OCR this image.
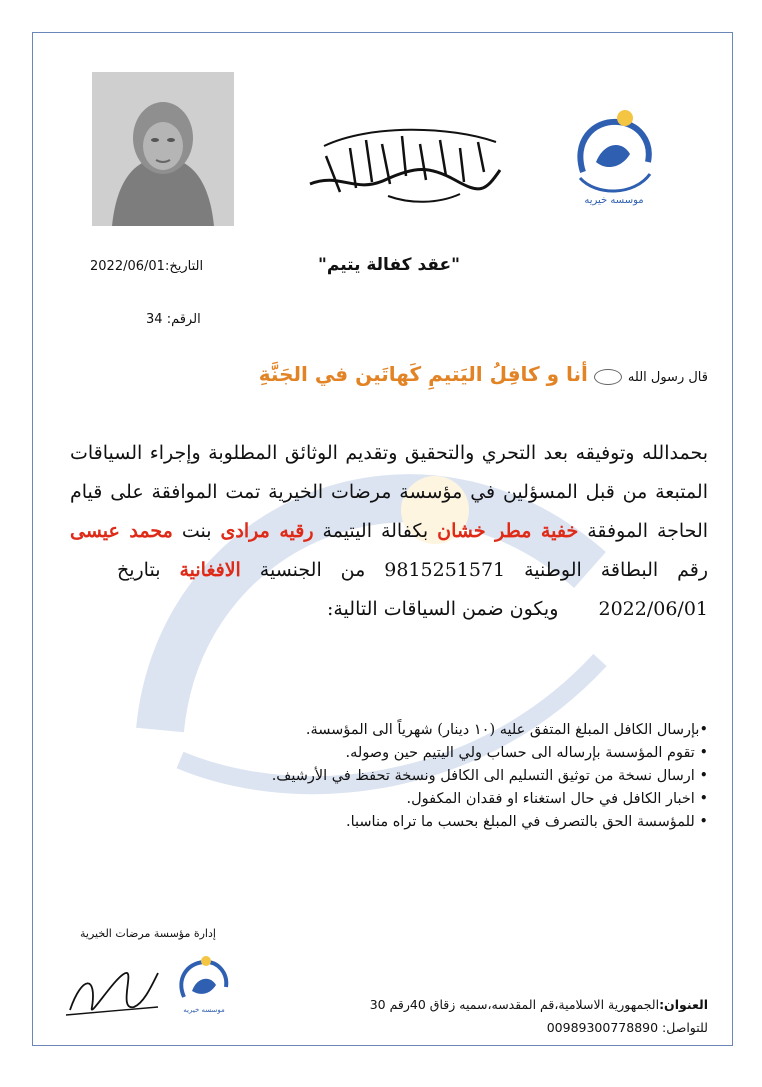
موسسه خيريه
التاريخ:2022/06/01	"عقد كفالة يتيم"
الرقم: 34
قال رسول اللهأنا و كافِلُ اليَتيمِ كَهاتَين في الجَنَّةِ
بحمدالله وتوفيقه بعد التحري والتحقيق وتقديم الوثائق المطلوبة وإجراء السياقات المتبعة من قبل المسؤلين في مؤسسة مرضات الخيرية تمت الموافقة على قيام الحاجة الموفقة خفية مطر خشان بكفالة اليتيمة رقيه مرادى بنت محمد عيسى رقم البطاقة الوطنية 9815251571 من الجنسية الافغانية بتاريخ  2022/06/01  ويكون ضمن السياقات التالية:
•بإرسال الكافل المبلغ المتفق عليه (١٠ دينار) شهرياً الى المؤسسة.
• تقوم المؤسسة بإرساله الى حساب ولي اليتيم حين وصوله.
• ارسال نسخة من توثيق التسليم الى الكافل ونسخة تحفظ في الأرشيف.
• اخبار الكافل في حال استغناء او فقدان المكفول.
• للمؤسسة الحق بالتصرف في المبلغ بحسب ما تراه مناسبا.
إدارة مؤسسة مرضات الخيرية
موسسه خيريه	العنوان:الجمهورية الاسلامية،قم المقدسه،سميه زقاق 40رقم 30
للتواصل: 00989300778890
